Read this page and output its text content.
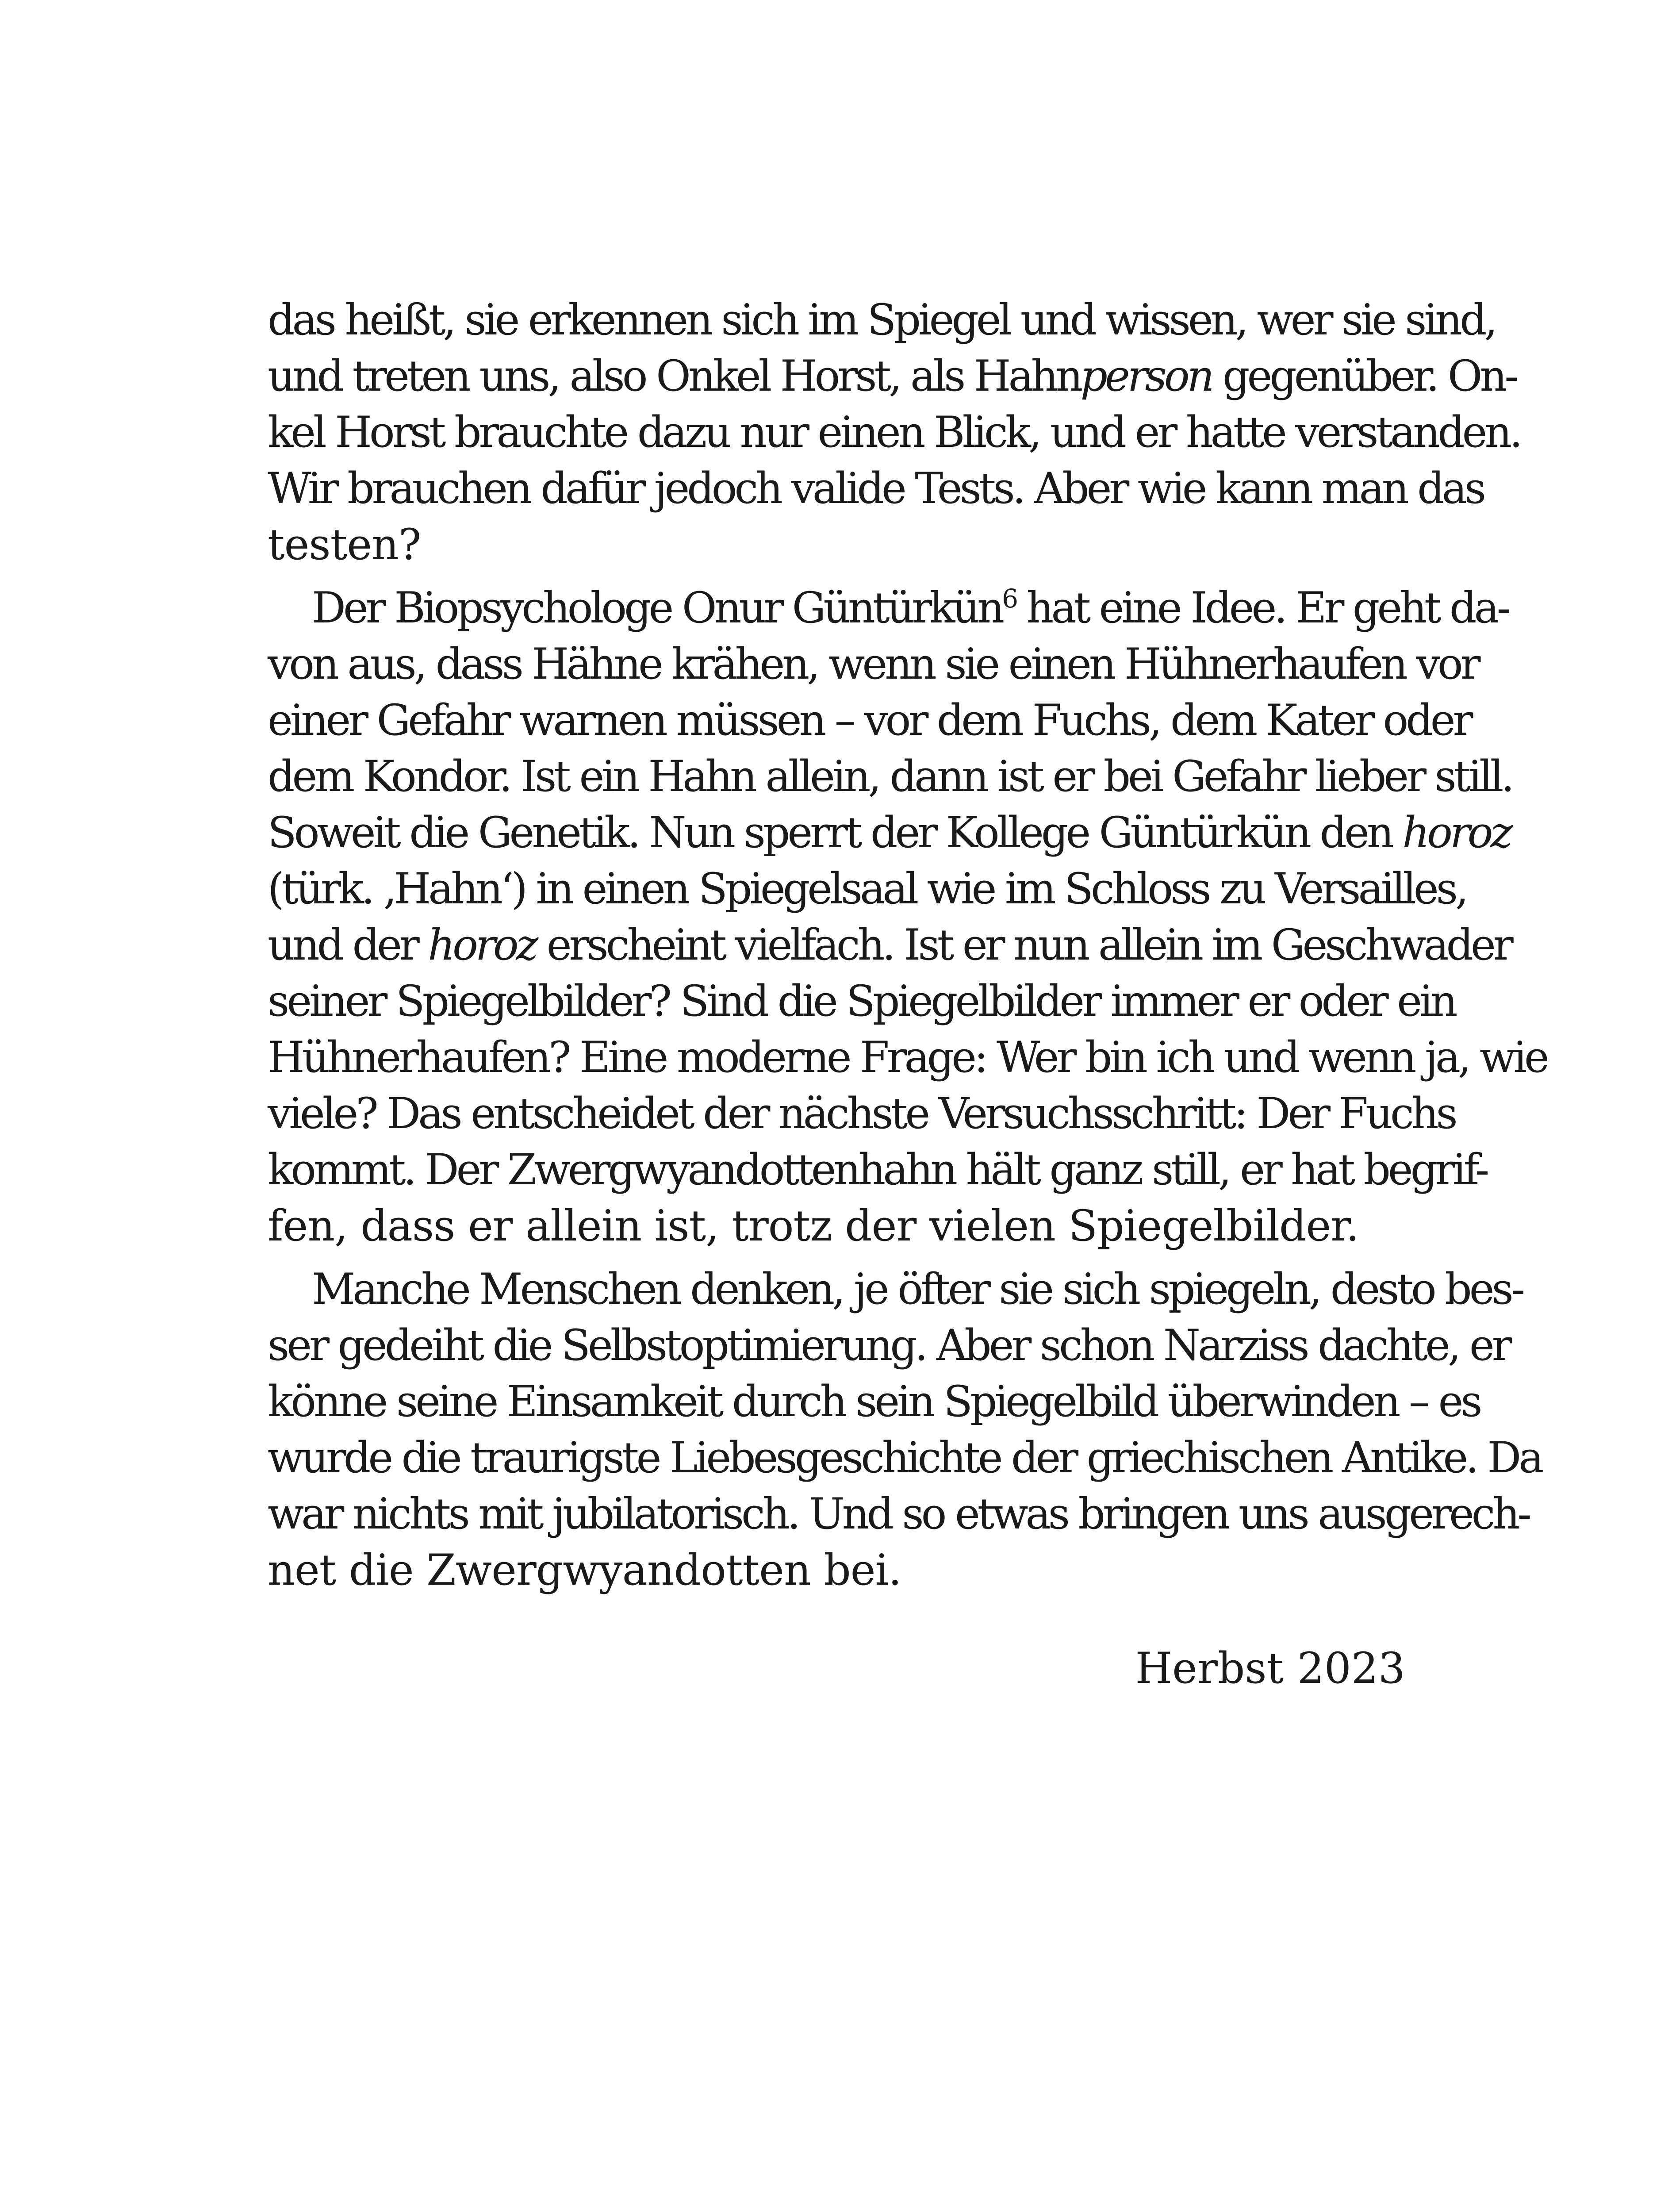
das heißt, sie erkennen sich im Spiegel und wissen, wer sie sind,
und treten uns, also Onkel Horst, als Hahnperson gegenüber. On-
kel Horst brauchte dazu nur einen Blick, und er hatte verstanden.
Wir brauchen dafür jedoch valide Tests. Aber wie kann man das
testen?
Der Biopsychologe Onur Güntürkün$^6$ hat eine Idee. Er geht da-
von aus, dass Hähne krähen, wenn sie einen Hühnerhaufen vor
einer Gefahr warnen müssen – vor dem Fuchs, dem Kater oder
dem Kondor. Ist ein Hahn allein, dann ist er bei Gefahr lieber still.
Soweit die Genetik. Nun sperrt der Kollege Güntürkün den horoz
(türk. ‚Hahn‘) in einen Spiegelsaal wie im Schloss zu Versailles,
und der horoz erscheint vielfach. Ist er nun allein im Geschwader
seiner Spiegelbilder? Sind die Spiegelbilder immer er oder ein
Hühnerhaufen? Eine moderne Frage: Wer bin ich und wenn ja, wie
viele? Das entscheidet der nächste Versuchsschritt: Der Fuchs
kommt. Der Zwergwyandottenhahn hält ganz still, er hat begrif-
fen, dass er allein ist, trotz der vielen Spiegelbilder.
Manche Menschen denken, je öfter sie sich spiegeln, desto bes-
ser gedeiht die Selbstoptimierung. Aber schon Narziss dachte, er
könne seine Einsamkeit durch sein Spiegelbild überwinden – es
wurde die traurigste Liebesgeschichte der griechischen Antike. Da
war nichts mit jubilatorisch. Und so etwas bringen uns ausgerech-
net die Zwergwyandotten bei.
Herbst 2023
